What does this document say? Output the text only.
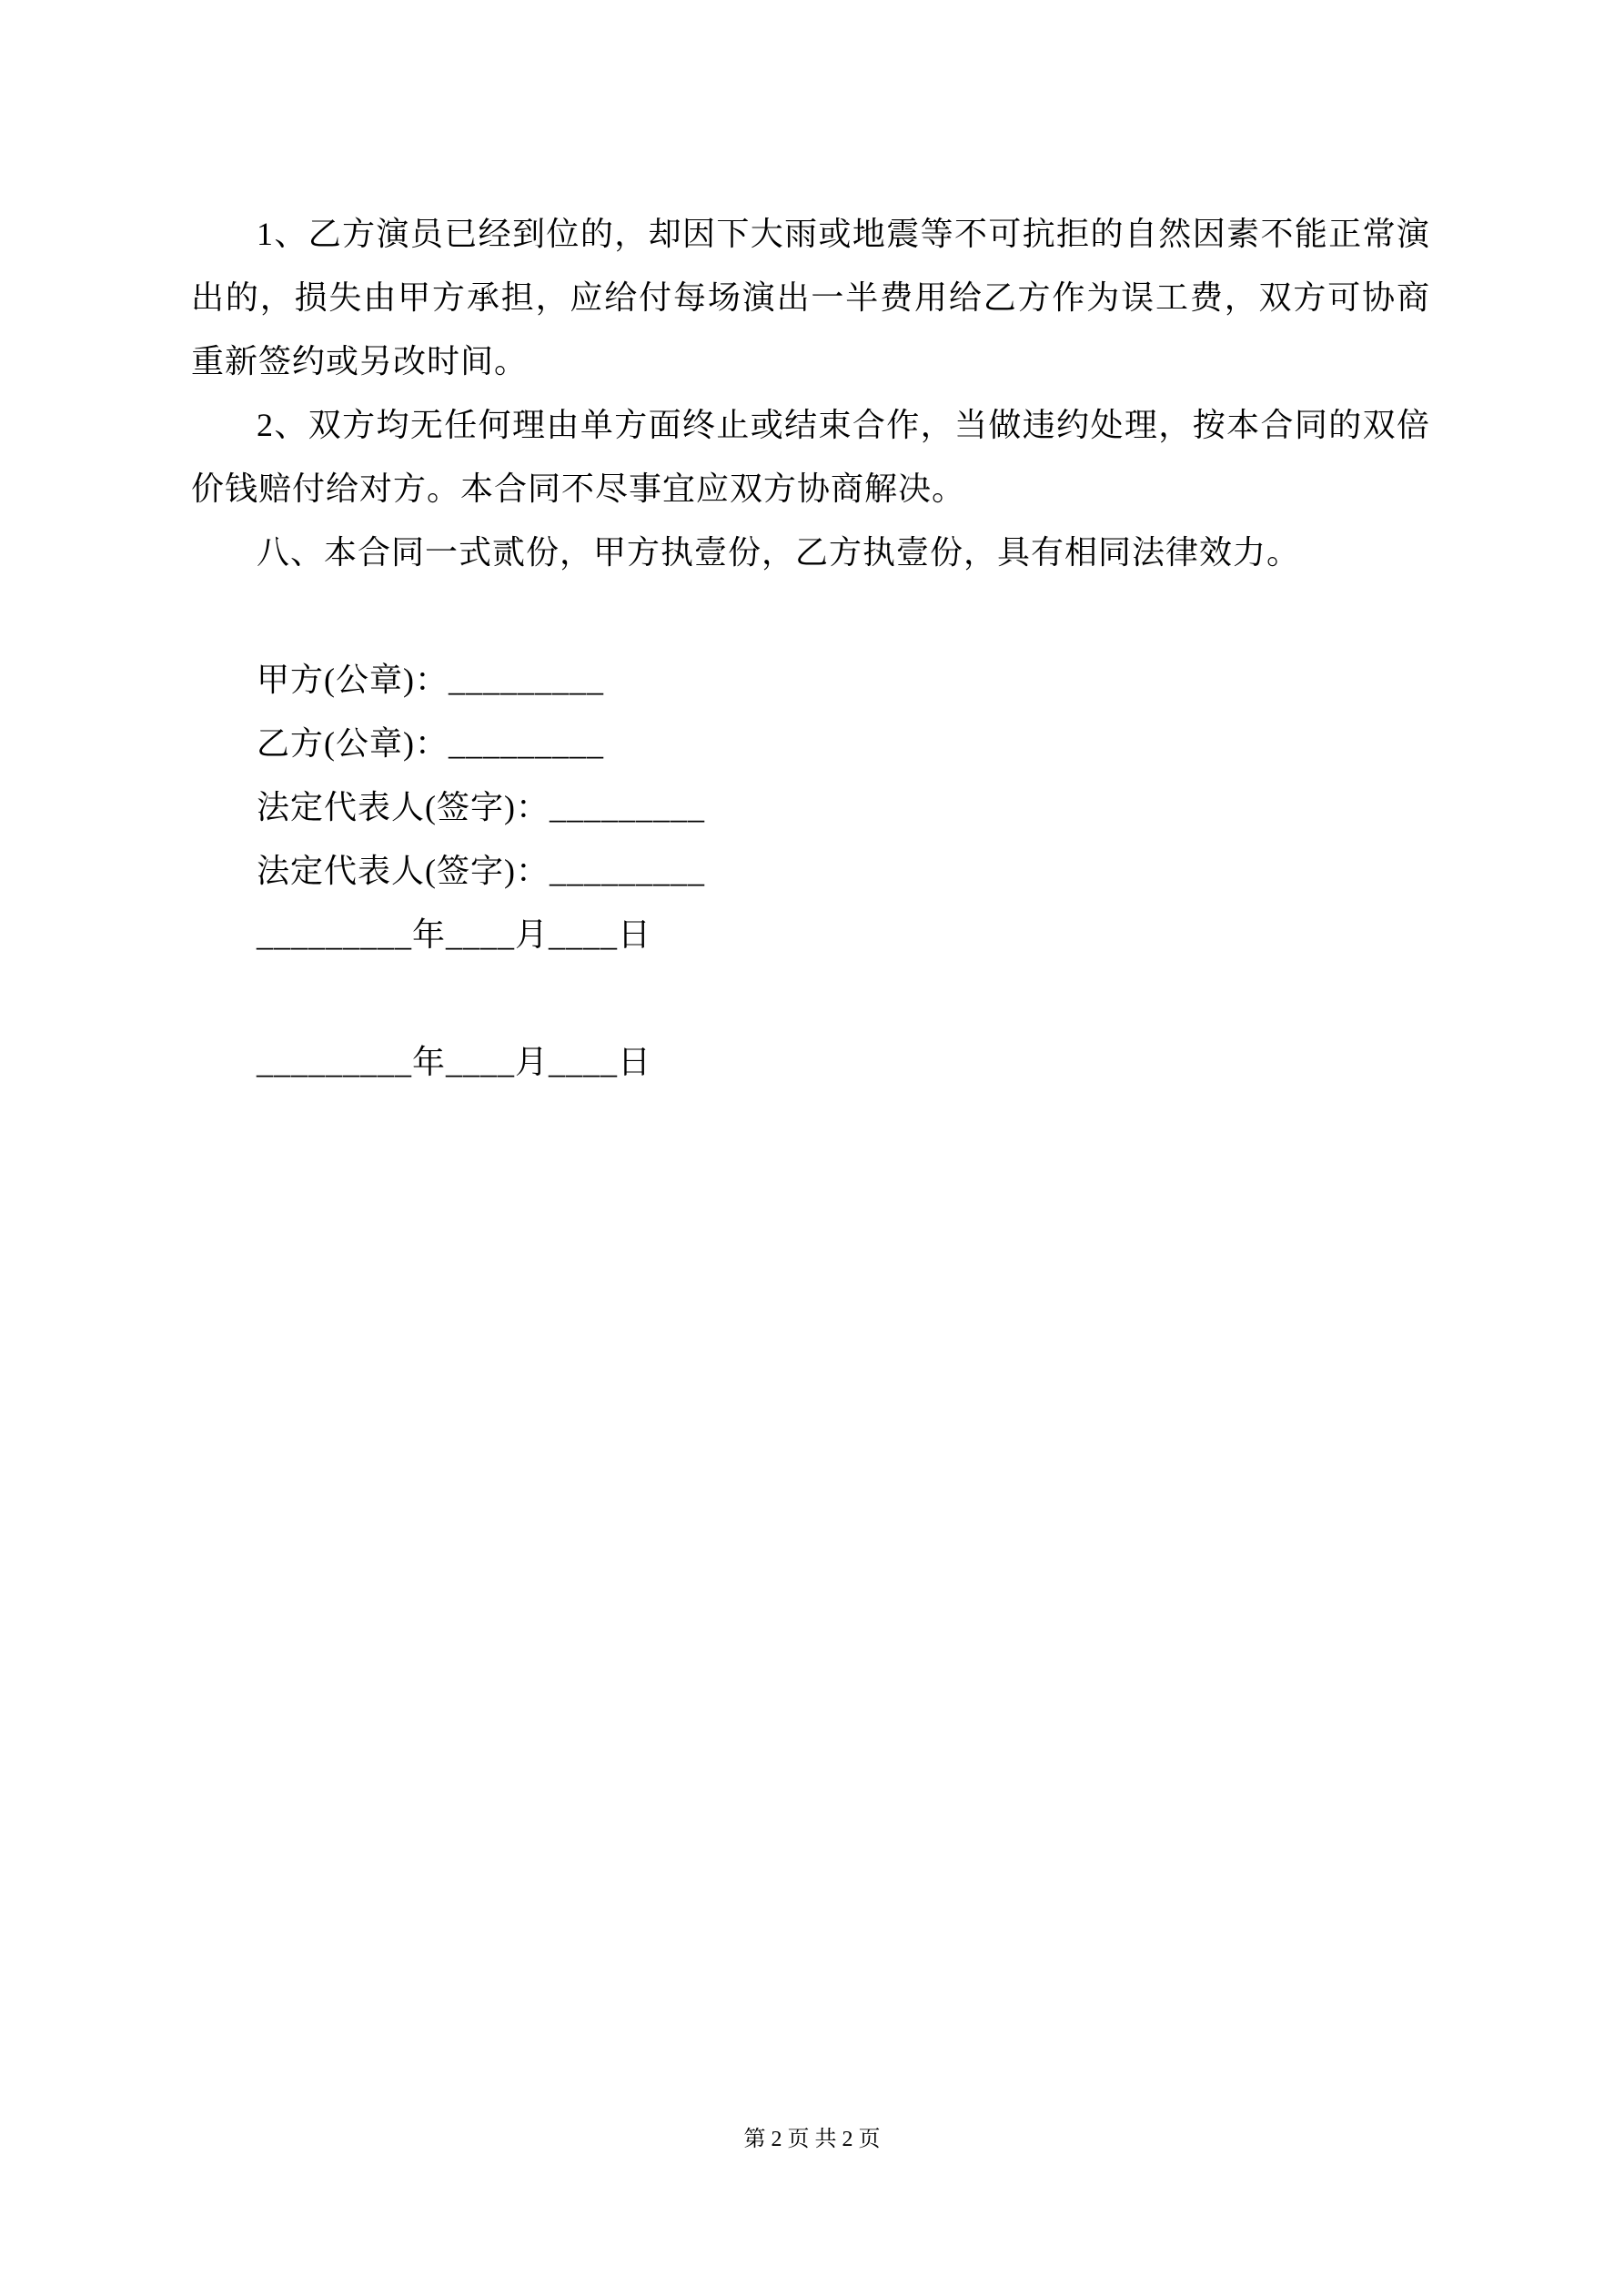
1、乙方演员已经到位的，却因下大雨或地震等不可抗拒的自然因素不能正常演出的，损失由甲方承担，应给付每场演出一半费用给乙方作为误工费，双方可协商重新签约或另改时间。

2、双方均无任何理由单方面终止或结束合作，当做违约处理，按本合同的双倍价钱赔付给对方。本合同不尽事宜应双方协商解决。

八、本合同一式贰份，甲方执壹份，乙方执壹份，具有相同法律效力。

甲方(公章)：_________
乙方(公章)：_________
法定代表人(签字)：_________
法定代表人(签字)：_________
_________年____月____日
_________年____月____日
第 2 页 共 2 页
